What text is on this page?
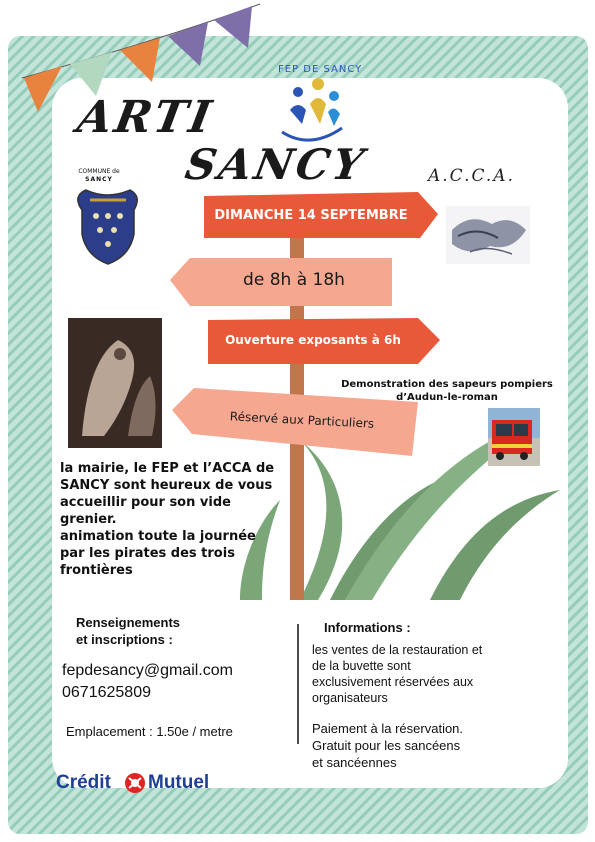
ARTI
SANCY
FEP DE SANCY
A.C.C.A.
COMMUNE de
SANCY
DIMANCHE 14 SEPTEMBRE
de 8h à 18h
Ouverture exposants à 6h
Réservé aux Particuliers
Demonstration des sapeurs pompiers
d’Audun-le-roman
la mairie, le FEP et l’ACCA de
SANCY sont heureux de vous
accueillir pour son vide
grenier.
animation toute la journée
par les pirates des trois
frontières
Renseignements
et inscriptions :
fepdesancy@gmail.com
0671625809
Emplacement : 1.50e / metre
Informations :
les ventes de la restauration et
de la buvette sont
exclusivement réservées aux
organisateurs
Paiement à la réservation.
Gratuit pour les sancéens
et sancéennes
Crédit Mutuel
